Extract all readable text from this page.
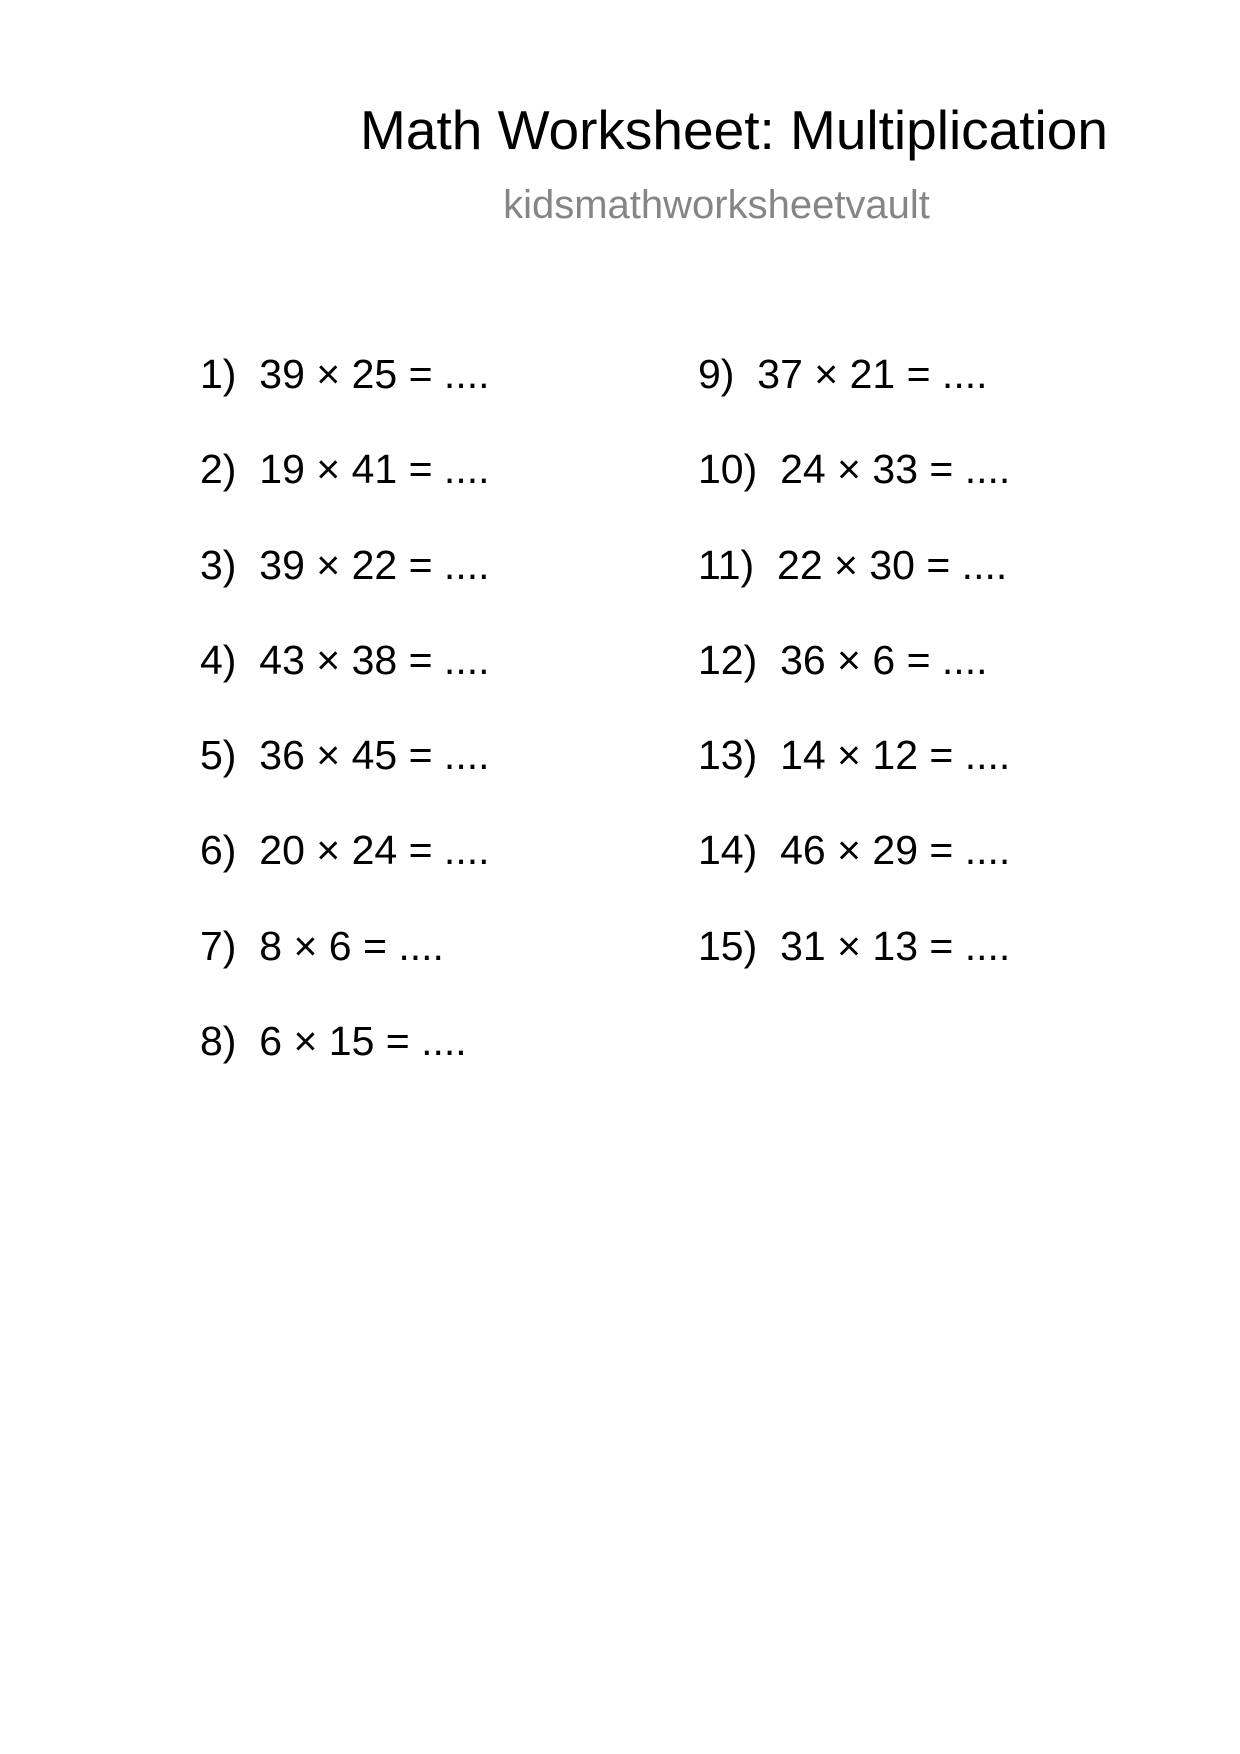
Math Worksheet: Multiplication
kidsmathworksheetvault
1) 39 × 25 = ....
2) 19 × 41 = ....
3) 39 × 22 = ....
4) 43 × 38 = ....
5) 36 × 45 = ....
6) 20 × 24 = ....
7) 8 × 6 = ....
8) 6 × 15 = ....
9) 37 × 21 = ....
10) 24 × 33 = ....
11) 22 × 30 = ....
12) 36 × 6 = ....
13) 14 × 12 = ....
14) 46 × 29 = ....
15) 31 × 13 = ....
